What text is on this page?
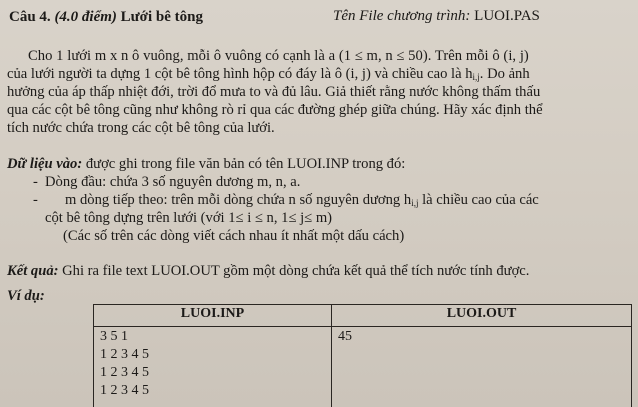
Câu 4. (4.0 điểm) Lưới bê tông	Tên File chương trình: LUOI.PAS
Cho 1 lưới m x n ô vuông, mỗi ô vuông có cạnh là a (1 ≤ m, n ≤ 50). Trên mỗi ô (i, j)
của lưới người ta dựng 1 cột bê tông hình hộp có đáy là ô (i, j) và chiều cao là $h_{i,j}$. Do ảnh
hưởng của áp thấp nhiệt đới, trời đổ mưa to và đủ lâu. Giả thiết rằng nước không thấm thấu
qua các cột bê tông cũng như không rò rỉ qua các đường ghép giữa chúng. Hãy xác định thể
tích nước chứa trong các cột bê tông của lưới.
Dữ liệu vào: được ghi trong file văn bản có tên LUOI.INP trong đó:
- Dòng đầu: chứa 3 số nguyên dương m, n, a.
- m dòng tiếp theo: trên mỗi dòng chứa n số nguyên dương $h_{i,j}$ là chiều cao của các
cột bê tông dựng trên lưới (với 1≤ i ≤ n, 1≤ j≤ m)
(Các số trên các dòng viết cách nhau ít nhất một dấu cách)
Kết quả: Ghi ra file text LUOI.OUT gồm một dòng chứa kết quả thể tích nước tính được.
Ví dụ:
LUOI.INP	LUOI.OUT

3 5 1
1 2 3 4 5
1 2 3 4 5
1 2 3 4 5	45
